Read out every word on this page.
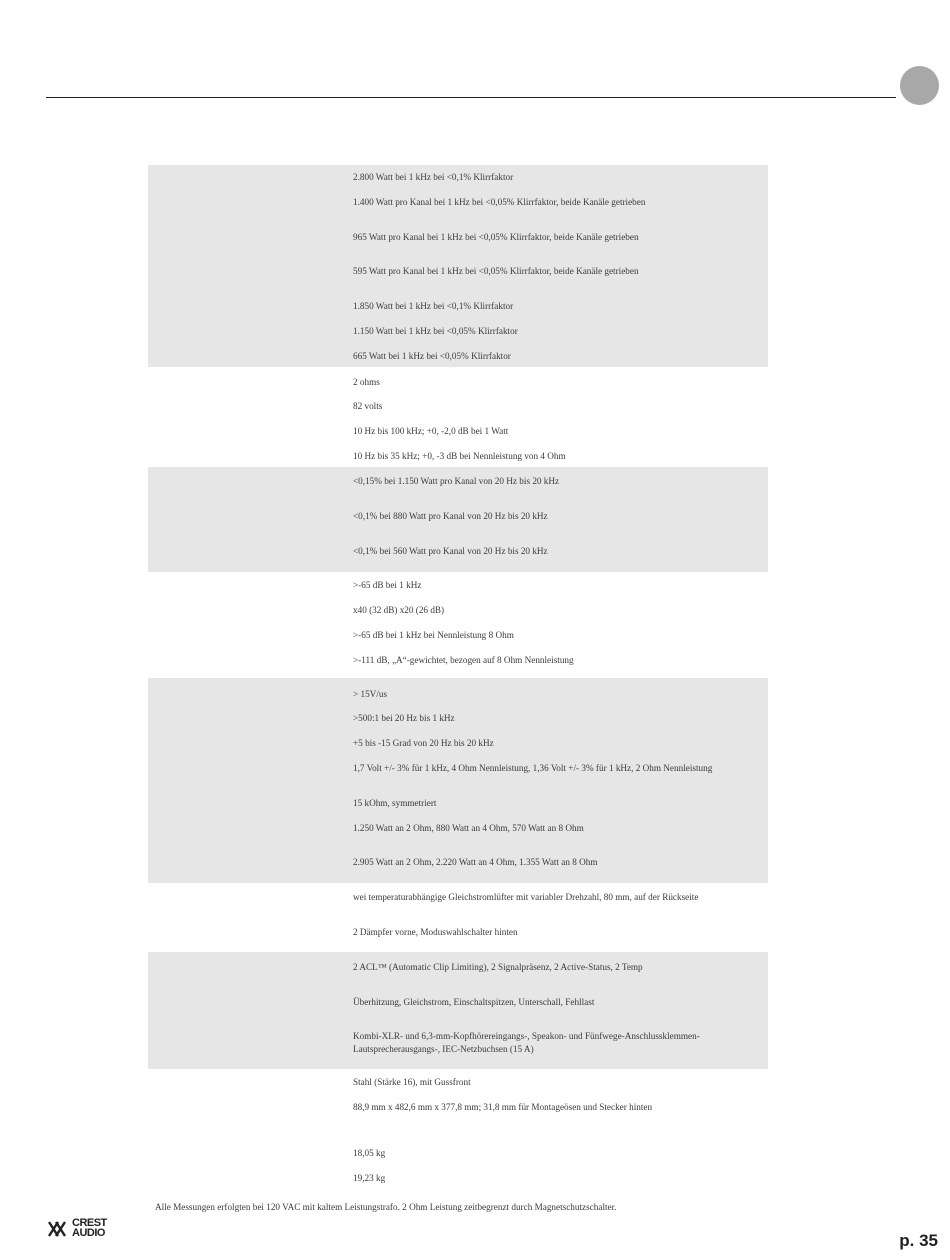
2.800 Watt bei 1 kHz bei <0,1% Klirrfaktor
1.400 Watt pro Kanal bei 1 kHz bei <0,05% Klirrfaktor, beide Kanäle getrieben
965 Watt pro Kanal bei 1 kHz bei <0,05% Klirrfaktor, beide Kanäle getrieben
595 Watt pro Kanal bei 1 kHz bei <0,05% Klirrfaktor, beide Kanäle getrieben
1.850 Watt bei 1 kHz bei <0,1% Klirrfaktor
1.150 Watt bei 1 kHz bei <0,05% Klirrfaktor
665 Watt bei 1 kHz bei <0,05% Klirrfaktor
2 ohms
82 volts
10 Hz bis 100 kHz; +0, -2,0 dB bei 1 Watt
10 Hz bis 35 kHz; +0, -3 dB bei Nennleistung von 4 Ohm
<0,15% bei 1.150 Watt pro Kanal von 20 Hz bis 20 kHz
<0,1% bei 880 Watt pro Kanal von 20 Hz bis 20 kHz
<0,1% bei 560 Watt pro Kanal von 20 Hz bis 20 kHz
>-65 dB bei 1 kHz
x40 (32 dB) x20 (26 dB)
>-65 dB bei 1 kHz bei Nennleistung 8 Ohm
>-111 dB, „A“-gewichtet, bezogen auf 8 Ohm Nennleistung
> 15V/us
>500:1 bei 20 Hz bis 1 kHz
+5 bis -15 Grad von 20 Hz bis 20 kHz
1,7 Volt +/- 3% für 1 kHz, 4 Ohm Nennleistung, 1,36 Volt +/- 3% für 1 kHz, 2 Ohm Nennleistung
15 kOhm, symmetriert
1.250 Watt an 2 Ohm, 880 Watt an 4 Ohm, 570 Watt an 8 Ohm
2.905 Watt an 2 Ohm, 2.220 Watt an 4 Ohm, 1.355 Watt an 8 Ohm
wei temperaturabhängige Gleichstromlüfter mit variabler Drehzahl, 80 mm, auf der Rückseite
2 Dämpfer vorne, Moduswahlschalter hinten
2 ACL™ (Automatic Clip Limiting), 2 Signalpräsenz, 2 Active-Status, 2 Temp
Überhitzung, Gleichstrom, Einschaltspitzen, Unterschall, Fehllast
Kombi-XLR- und 6,3-mm-Kopfhörereingangs-, Speakon- und Fünfwege-Anschlussklemmen-Lautsprecherausgangs-, IEC-Netzbuchsen (15 A)
Stahl (Stärke 16), mit Gussfront
88,9 mm x 482,6 mm x 377,8 mm; 31,8 mm für Montageösen und Stecker hinten
18,05 kg
19,23 kg
Alle Messungen erfolgten bei 120 VAC mit kaltem Leistungstrafo. 2 Ohm Leistung zeitbegrenzt durch Magnetschutzschalter.
CREST
AUDIO	p. 35
